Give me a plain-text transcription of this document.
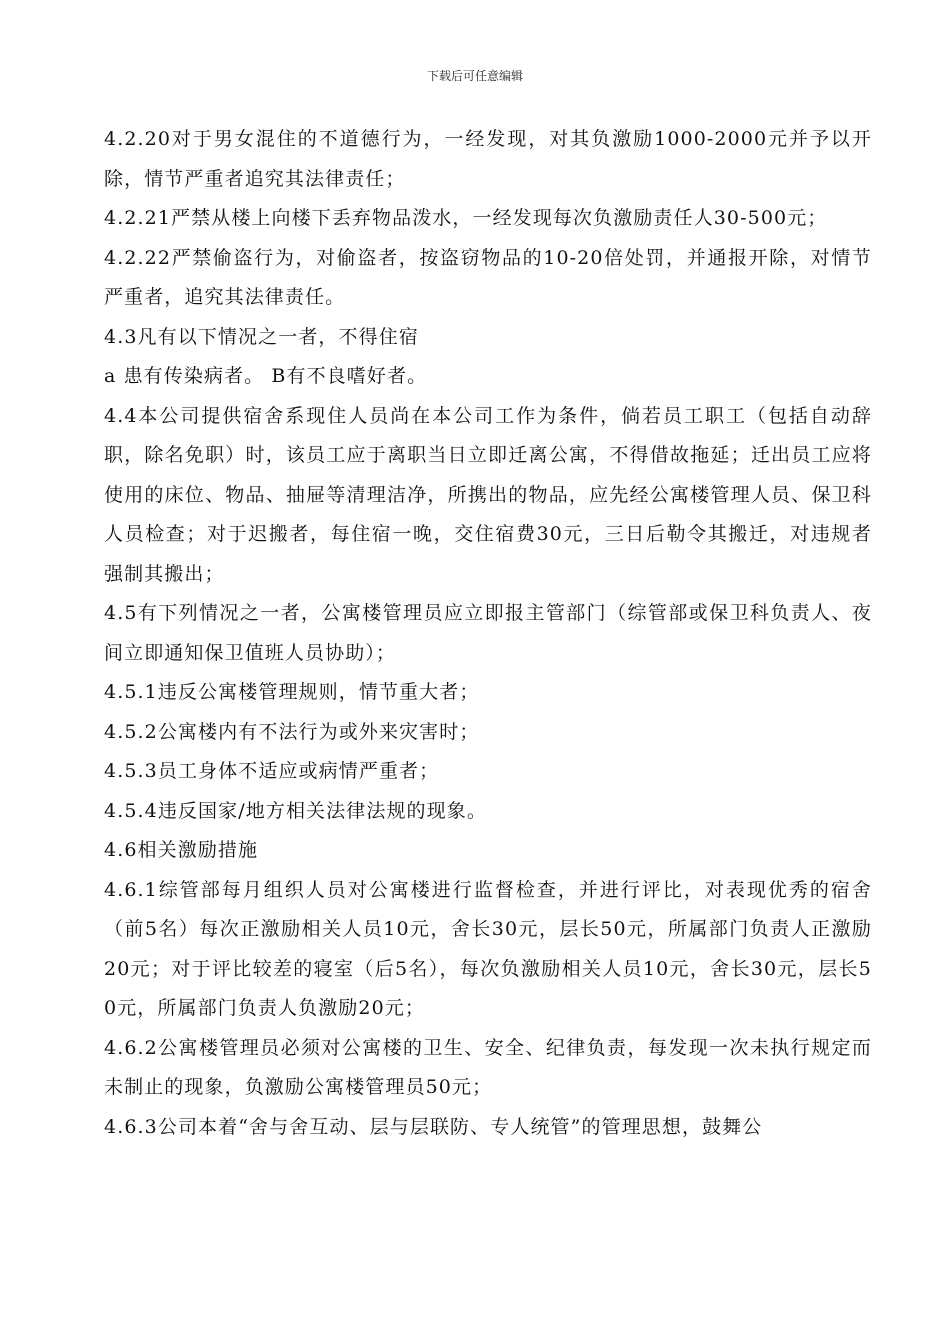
下载后可任意编辑

4.2.20对于男女混住的不道德行为，一经发现，对其负激励1000-2000元并予以开除，情节严重者追究其法律责任；

4.2.21严禁从楼上向楼下丢弃物品泼水，一经发现每次负激励责任人30-500元；

4.2.22严禁偷盗行为，对偷盗者，按盗窃物品的10-20倍处罚，并通报开除，对情节严重者，追究其法律责任。

4.3凡有以下情况之一者，不得住宿

a 患有传染病者。 B有不良嗜好者。

4.4本公司提供宿舍系现住人员尚在本公司工作为条件，倘若员工职工（包括自动辞职，除名免职）时，该员工应于离职当日立即迁离公寓，不得借故拖延；迁出员工应将使用的床位、物品、抽屉等清理洁净，所携出的物品，应先经公寓楼管理人员、保卫科人员检查；对于迟搬者，每住宿一晚，交住宿费30元，三日后勒令其搬迁，对违规者强制其搬出；

4.5有下列情况之一者，公寓楼管理员应立即报主管部门（综管部或保卫科负责人、夜间立即通知保卫值班人员协助）；

4.5.1违反公寓楼管理规则，情节重大者；

4.5.2公寓楼内有不法行为或外来灾害时；

4.5.3员工身体不适应或病情严重者；

4.5.4违反国家/地方相关法律法规的现象。

4.6相关激励措施

4.6.1综管部每月组织人员对公寓楼进行监督检查，并进行评比，对表现优秀的宿舍（前5名）每次正激励相关人员10元，舍长30元，层长50元，所属部门负责人正激励20元；对于评比较差的寝室（后5名），每次负激励相关人员10元，舍长30元，层长50元，所属部门负责人负激励20元；

4.6.2公寓楼管理员必须对公寓楼的卫生、安全、纪律负责，每发现一次未执行规定而未制止的现象，负激励公寓楼管理员50元；

4.6.3公司本着“舍与舍互动、层与层联防、专人统管”的管理思想，鼓舞公
